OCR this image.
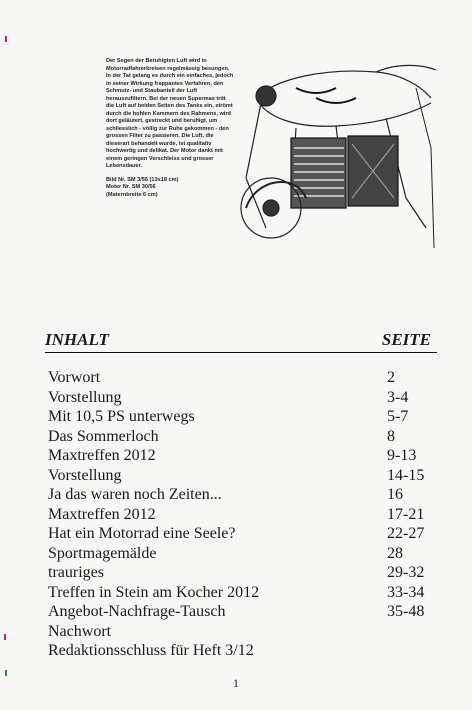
Der Segen der Beruhigten Luft wird in Motorradfahrerkreisen regelmässig besungen. In der Tat gelang es durch ein einfaches, jedoch in seiner Wirkung frappantes Verfahren, den Schmutz- und Staubanteil der Luft herauszufiltern. Bei der neuen Supermax tritt die Luft auf beiden Seiten des Tanks ein, strömt durch die hohlen Kammern des Rahmens, wird dort geläutert, gestreckt und beruhigt, um schliesslich - völlig zur Ruhe gekommen - den grossen Filter zu passieren. Die Luft, die dieserart behandelt wurde, ist qualitativ hochwertig und delikat. Der Motor dankt mit einem geringen Verschleiss und grosser Lebensdauer.

Bild Nr. SM 3/56 (13x18 cm)
Moter Nr. SM 30/56
(Maternbreite 6 cm)
INHALT	SEITE
Vorwort	2
Vorstellung	3-4
Mit 10,5 PS unterwegs	5-7
Das Sommerloch	8
Maxtreffen 2012	9-13
Vorstellung	14-15
Ja das waren noch Zeiten...	16
Maxtreffen 2012	17-21
Hat ein Motorrad eine Seele?	22-27
Sportmagemälde	28
trauriges	29-32
Treffen in Stein am Kocher 2012	33-34
Angebot-Nachfrage-Tausch	35-48
Nachwort
Redaktionsschluss für Heft 3/12
1
